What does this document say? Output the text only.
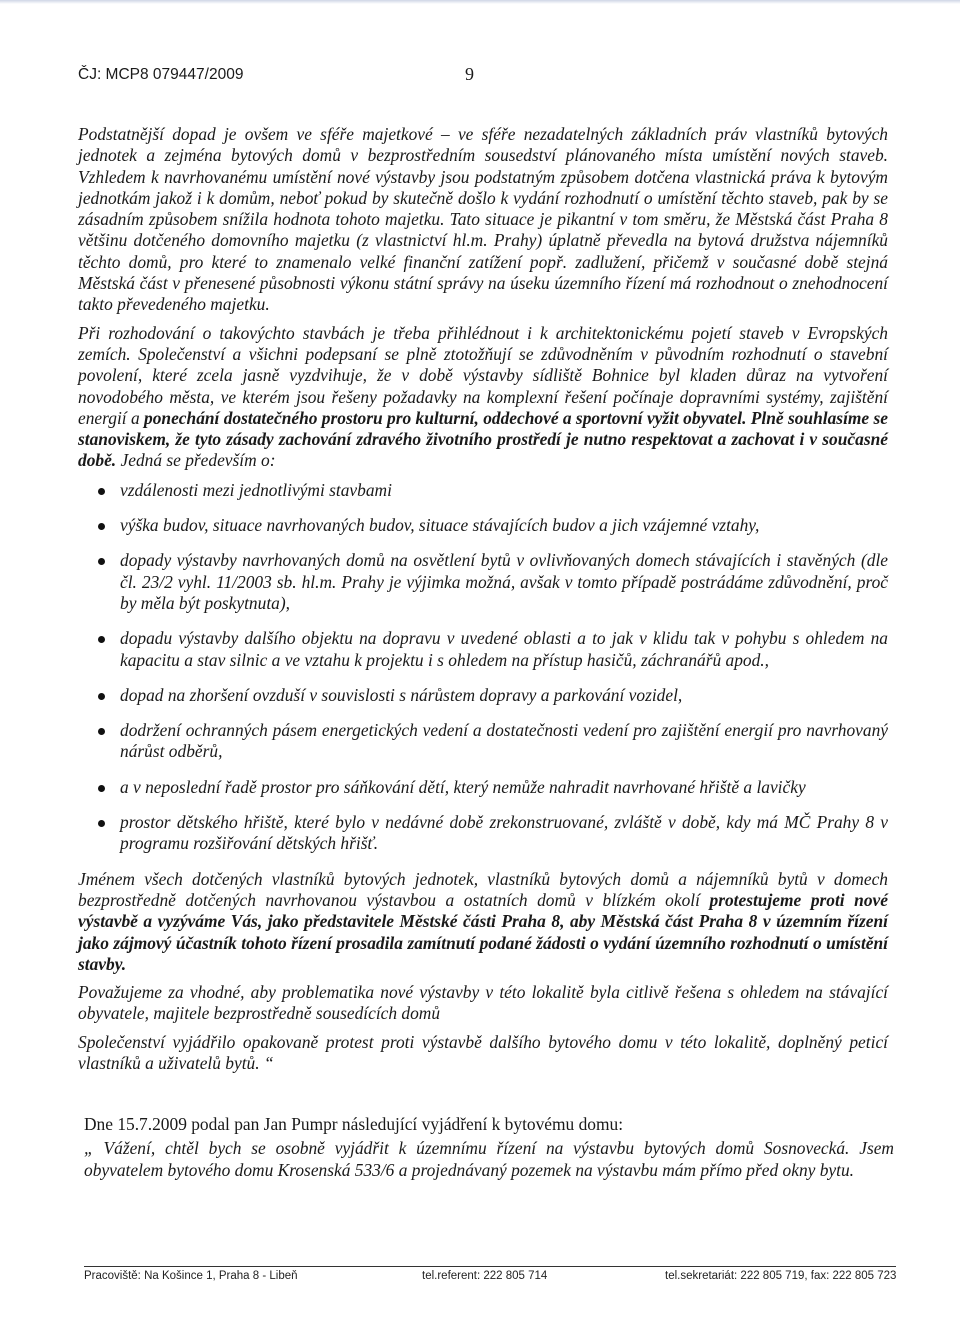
ČJ: MCP8 079447/2009	9

Podstatnější dopad je ovšem ve sféře majetkové – ve sféře nezadatelných základních práv vlastníků bytových jednotek a zejména bytových domů v bezprostředním sousedství plánovaného místa umístění nových staveb. Vzhledem k navrhovanému umístění nové výstavby jsou podstatným způsobem dotčena vlastnická práva k bytovým jednotkám jakož i k domům, neboť pokud by skutečně došlo k vydání rozhodnutí o umístění těchto staveb, pak by se zásadním způsobem snížila hodnota tohoto majetku. Tato situace je pikantní v tom směru, že Městská část Praha 8 většinu dotčeného domovního majetku (z vlastnictví hl.m. Prahy) úplatně převedla na bytová družstva nájemníků těchto domů, pro které to znamenalo velké finanční zatížení popř. zadlužení, přičemž v současné době stejná Městská část v přenesené působnosti výkonu státní správy na úseku územního řízení má rozhodnout o znehodnocení takto převedeného majetku.

Při rozhodování o takovýchto stavbách je třeba přihlédnout i k architektonickému pojetí staveb v Evropských zemích. Společenství a všichni podepsaní se plně ztotožňují se zdůvodněním v původním rozhodnutí o stavební povolení, které zcela jasně vyzdvihuje, že v době výstavby sídliště Bohnice byl kladen důraz na vytvoření novodobého města, ve kterém jsou řešeny požadavky na komplexní řešení počínaje dopravními systémy, zajištění energií a ponechání dostatečného prostoru pro kulturní, oddechové a sportovní vyžit obyvatel. Plně souhlasíme se stanoviskem, že tyto zásady zachování zdravého životního prostředí je nutno respektovat a zachovat i v současné době. Jedná se především o:

vzdálenosti mezi jednotlivými stavbami
výška budov, situace navrhovaných budov, situace stávajících budov a jich vzájemné vztahy,
dopady výstavby navrhovaných domů na osvětlení bytů v ovlivňovaných domech stávajících i stavěných (dle čl. 23/2 vyhl. 11/2003 sb. hl.m. Prahy je výjimka možná, avšak v tomto případě postrádáme zdůvodnění, proč by měla být poskytnuta),
dopadu výstavby dalšího objektu na dopravu v uvedené oblasti a to jak v klidu tak v pohybu s ohledem na kapacitu a stav silnic a ve vztahu k projektu i s ohledem na přístup hasičů, záchranářů apod.,
dopad na zhoršení ovzduší v souvislosti s nárůstem dopravy a parkování vozidel,
dodržení ochranných pásem energetických vedení a dostatečnosti vedení pro zajištění energií pro navrhovaný nárůst odběrů,
a v neposlední řadě prostor pro sáňkování dětí, který nemůže nahradit navrhované hřiště a lavičky
prostor dětského hřiště, které bylo v nedávné době zrekonstruované, zvláště v době, kdy má MČ Prahy 8 v programu rozšiřování dětských hřišť.

Jménem všech dotčených vlastníků bytových jednotek, vlastníků bytových domů a nájemníků bytů v domech bezprostředně dotčených navrhovanou výstavbou a ostatních domů v blízkém okolí protestujeme proti nové výstavbě a vyzýváme Vás, jako představitele Městské části Praha 8, aby Městská část Praha 8 v územním řízení jako zájmový účastník tohoto řízení prosadila zamítnutí podané žádosti o vydání územního rozhodnutí o umístění stavby.

Považujeme za vhodné, aby problematika nové výstavby v této lokalitě byla citlivě řešena s ohledem na stávající obyvatele, majitele bezprostředně sousedících domů

Společenství vyjádřilo opakovaně protest proti výstavbě dalšího bytového domu v této lokalitě, doplněný peticí vlastníků a uživatelů bytů. “

Dne 15.7.2009 podal pan Jan Pumpr následující vyjádření k bytovému domu:
„ Vážení, chtěl bych se osobně vyjádřit k územnímu řízení na výstavbu bytových domů Sosnovecká. Jsem obyvatelem bytového domu Krosenská 533/6 a projednávaný pozemek na výstavbu mám přímo před okny bytu.
Pracoviště: Na Košince 1, Praha 8 - Libeň	tel.referent: 222 805 714	tel.sekretariát: 222 805 719, fax: 222 805 723
